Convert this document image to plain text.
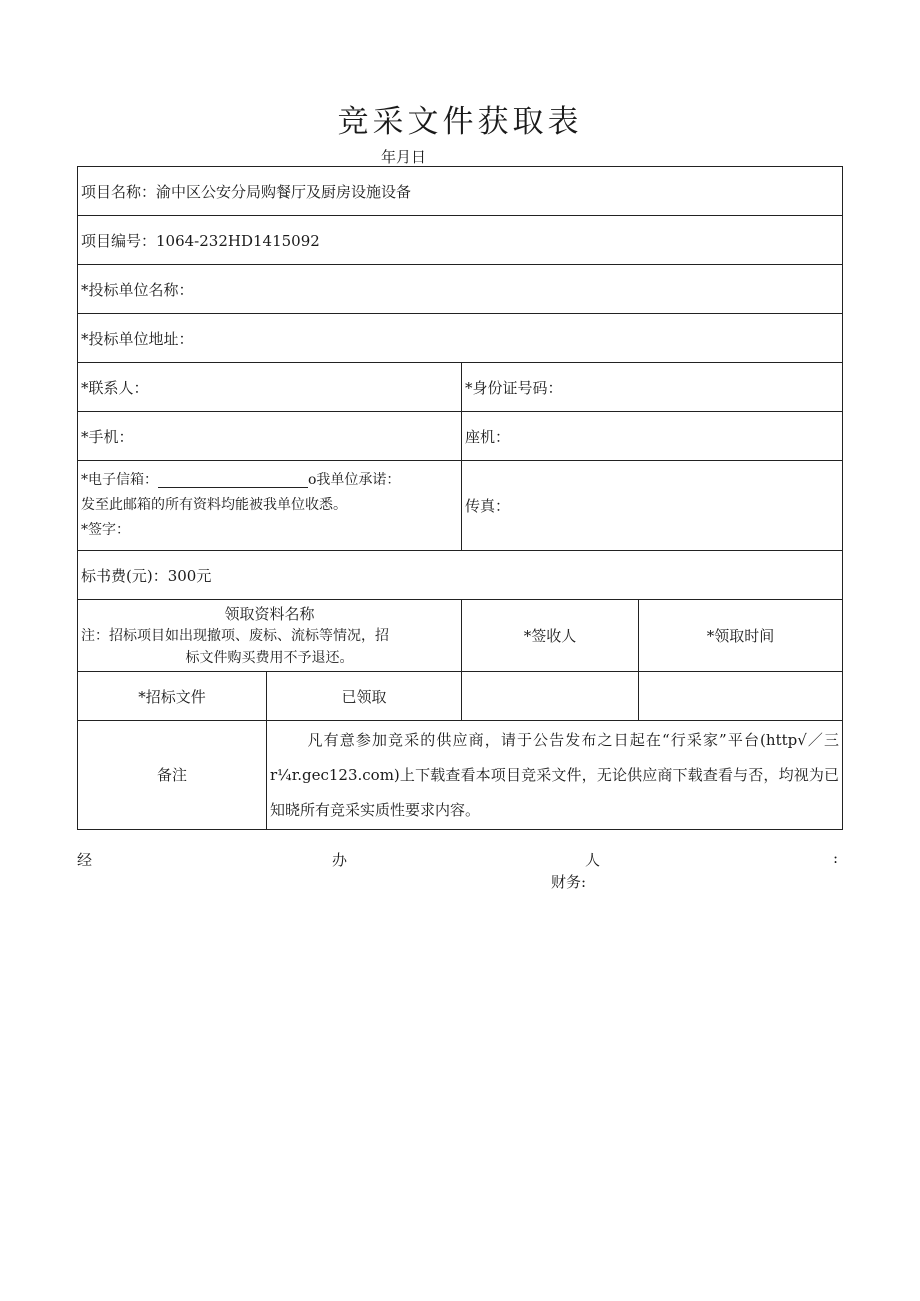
竞采文件获取表
年月日
项目名称：渝中区公安分局购餐厅及厨房设施设备			
项目编号：1064-232HD1415092			
*投标单位名称：			
*投标单位地址：			
*联系人：		*身份证号码：	
*手机：		座机：	

*电子信箱： o我单位承诺：
发至此邮箱的所有资料均能被我单位收悉。
*签字：		传真：	
标书费(元)：300元			

领取资料名称
注：招标项目如出现撤项、废标、流标等情况，招
标文件购买费用不予退还。		*签收人	*领取时间
*招标文件	已领取		
备注	凡有意参加竞采的供应商，请于公告发布之日起在“行采家”平台(http√／三r¼r.gec123.com)上下载查看本项目竞采文件，无论供应商下载查看与否，均视为已知晓所有竞采实质性要求内容。		
经	办	人	:
财务:
